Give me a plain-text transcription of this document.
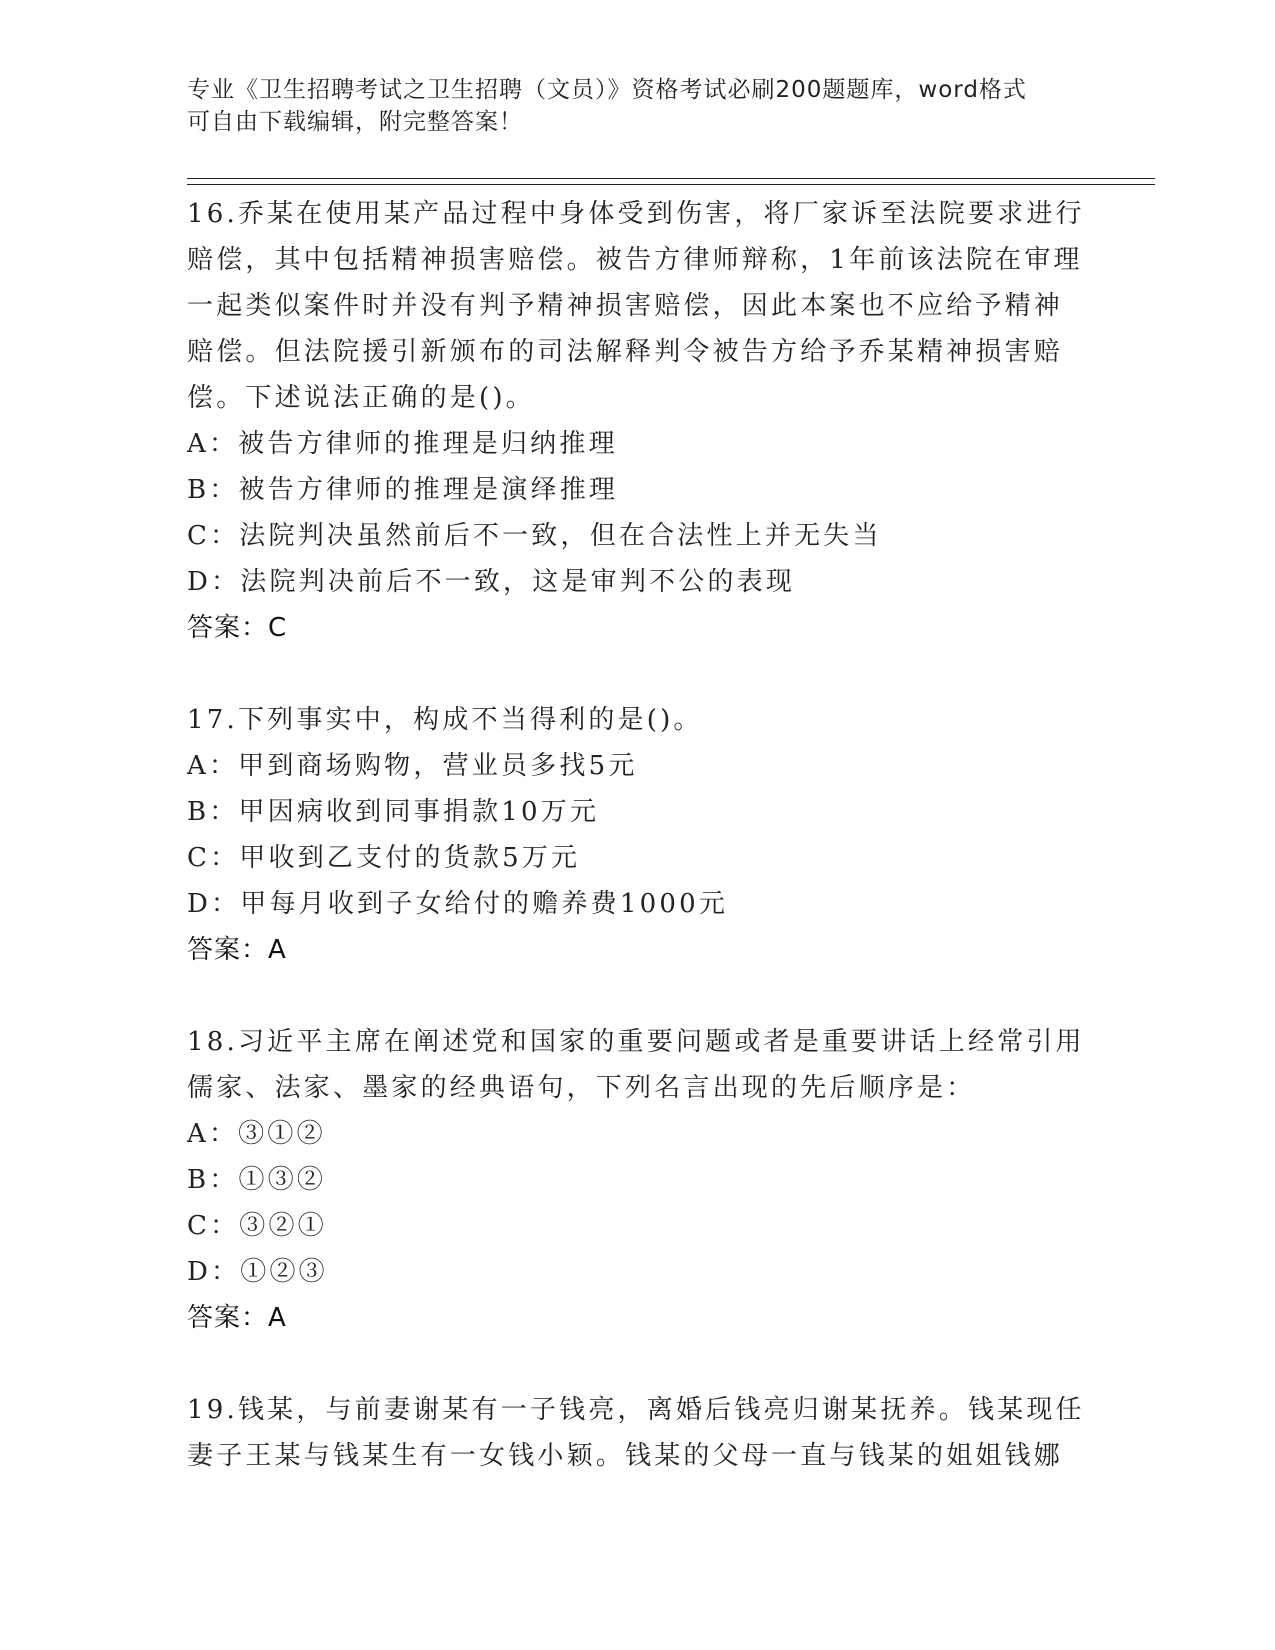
专业《卫生招聘考试之卫生招聘（文员）》资格考试必刷200题题库，word格式
可自由下载编辑，附完整答案！
16.乔某在使用某产品过程中身体受到伤害，将厂家诉至法院要求进行
赔偿，其中包括精神损害赔偿。被告方律师辩称，1年前该法院在审理
一起类似案件时并没有判予精神损害赔偿，因此本案也不应给予精神
赔偿。但法院援引新颁布的司法解释判令被告方给予乔某精神损害赔
偿。下述说法正确的是()。
A：被告方律师的推理是归纳推理
B：被告方律师的推理是演绎推理
C：法院判决虽然前后不一致，但在合法性上并无失当
D：法院判决前后不一致，这是审判不公的表现
答案：C
17.下列事实中，构成不当得利的是()。
A：甲到商场购物，营业员多找5元
B：甲因病收到同事捐款10万元
C：甲收到乙支付的货款5万元
D：甲每月收到子女给付的赡养费1000元
答案：A
18.习近平主席在阐述党和国家的重要问题或者是重要讲话上经常引用
儒家、法家、墨家的经典语句，下列名言出现的先后顺序是：
A：③①②
B：①③②
C：③②①
D：①②③
答案：A
19.钱某，与前妻谢某有一子钱亮，离婚后钱亮归谢某抚养。钱某现任
妻子王某与钱某生有一女钱小颖。钱某的父母一直与钱某的姐姐钱娜
